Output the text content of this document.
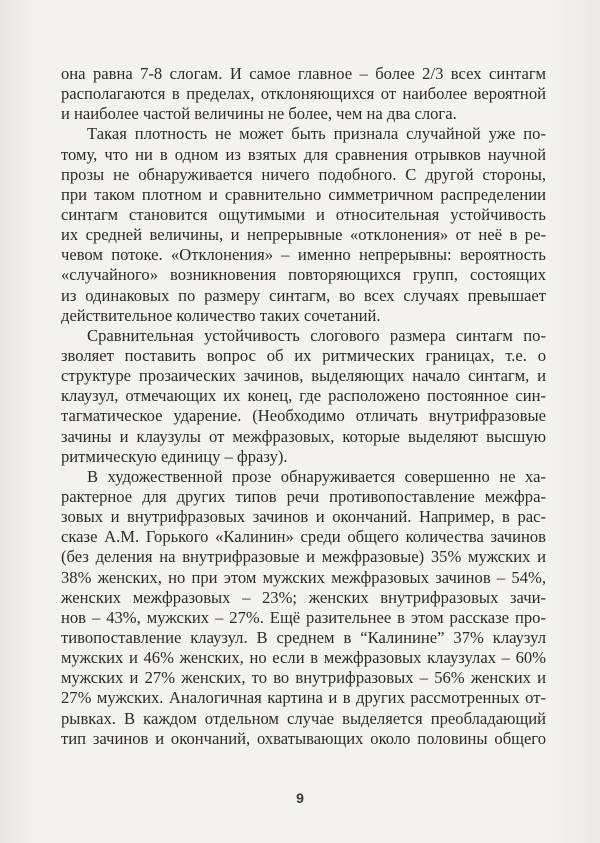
она равна 7-8 слогам. И самое главное – более 2/3 всех синтагм
располагаются в пределах, отклоняющихся от наиболее вероятной
и наиболее частой величины не более, чем на два слога.
Такая плотность не может быть признала случайной уже по-
тому, что ни в одном из взятых для сравнения отрывков научной
прозы не обнаруживается ничего подобного. С другой стороны,
при таком плотном и сравнительно симметричном распределении
синтагм становится ощутимыми и относительная устойчивость
их средней величины, и непрерывные «отклонения» от неё в ре-
чевом потоке. «Отклонения» – именно непрерывны: вероятность
«случайного» возникновения повторяющихся групп, состоящих
из одинаковых по размеру синтагм, во всех случаях превышает
действительное количество таких сочетаний.
Сравнительная устойчивость слогового размера синтагм по-
зволяет поставить вопрос об их ритмических границах, т.е. о
структуре прозаических зачинов, выделяющих начало синтагм, и
клаузул, отмечающих их конец, где расположено постоянное син-
тагматическое ударение. (Необходимо отличать внутрифразовые
зачины и клаузулы от межфразовых, которые выделяют высшую
ритмическую единицу – фразу).
В художественной прозе обнаруживается совершенно не ха-
рактерное для других типов речи противопоставление межфра-
зовых и внутрифразовых зачинов и окончаний. Например, в рас-
сказе А.М. Горького «Калинин» среди общего количества зачинов
(без деления на внутрифразовые и межфразовые) 35% мужских и
38% женских, но при этом мужских межфразовых зачинов – 54%,
женских межфразовых – 23%; женских внутрифразовых зачи-
нов – 43%, мужских – 27%. Ещё разительнее в этом рассказе про-
тивопоставление клаузул. В среднем в “Калинине” 37% клаузул
мужских и 46% женских, но если в межфразовых клаузулах – 60%
мужских и 27% женских, то во внутрифразовых – 56% женских и
27% мужских. Аналогичная картина и в других рассмотренных от-
рывках. В каждом отдельном случае выделяется преобладающий
тип зачинов и окончаний, охватывающих около половины общего
9
